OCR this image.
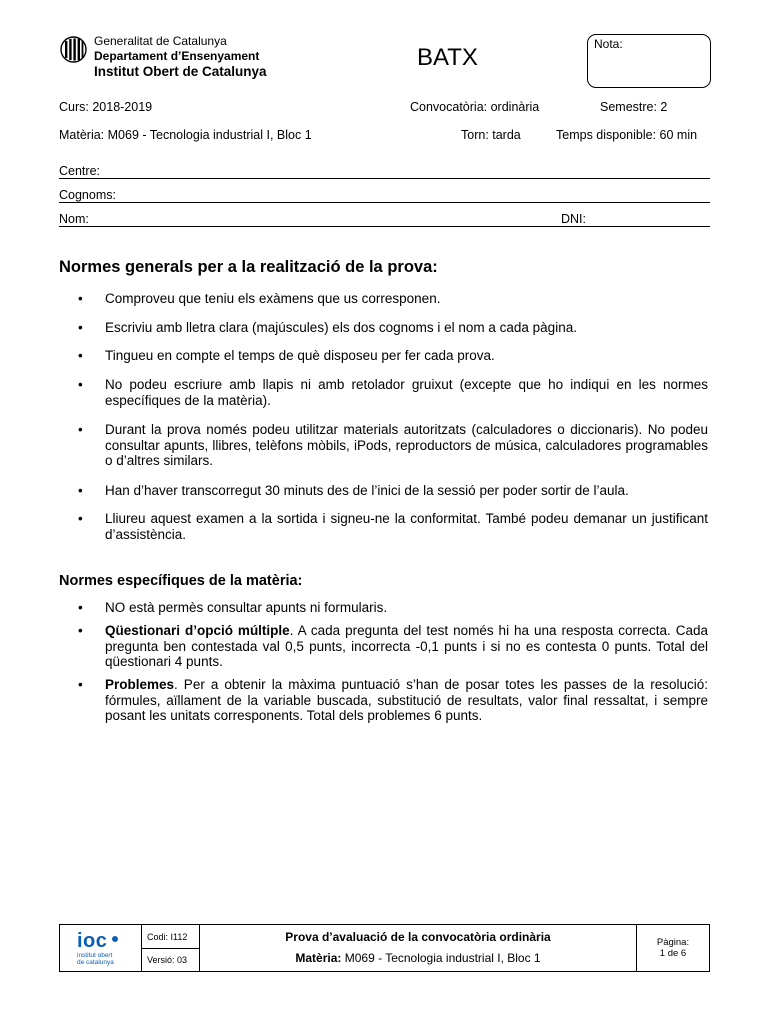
Generalitat de Catalunya
Departament d’Ensenyament
Institut Obert de Catalunya
BATX	Nota:
Curs: 2018-2019	Convocatòria: ordinària	Semestre: 2
Matèria: M069 - Tecnologia industrial I, Bloc 1	Torn: tarda	Temps disponible: 60 min
Centre:
Cognoms:
Nom:	DNI:
Normes generals per a la realització de la prova:
• Comproveu que teniu els exàmens que us corresponen.
• Escriviu amb lletra clara (majúscules) els dos cognoms i el nom a cada pàgina.
• Tingueu en compte el temps de què disposeu per fer cada prova.
• No podeu escriure amb llapis ni amb retolador gruixut (excepte que ho indiqui en les normes específiques de la matèria).
• Durant la prova només podeu utilitzar materials autoritzats (calculadores o diccionaris). No podeu consultar apunts, llibres, telèfons mòbils, iPods, reproductors de música, calculadores programables o d’altres similars.
• Han d’haver transcorregut 30 minuts des de l’inici de la sessió per poder sortir de l’aula.
• Lliureu aquest examen a la sortida i signeu-ne la conformitat. També podeu demanar un justificant d’assistència.
Normes específiques de la matèria:
• NO està permès consultar apunts ni formularis.
• Qüestionari d’opció múltiple. A cada pregunta del test només hi ha una resposta correcta. Cada pregunta ben contestada val 0,5 punts, incorrecta -0,1 punts i si no es contesta 0 punts. Total del qüestionari 4 punts.
• Problemes. Per a obtenir la màxima puntuació s’han de posar totes les passes de la resolució: fórmules, aïllament de la variable buscada, substitució de resultats, valor final ressaltat, i sempre posant les unitats corresponents. Total dels problemes 6 punts.
ioc
institut obert
de catalunya
Codi: I112
Versió: 03
Prova d’avaluació de la convocatòria ordinària
Matèria: M069 - Tecnologia industrial I, Bloc 1
Pàgina:
1 de 6
